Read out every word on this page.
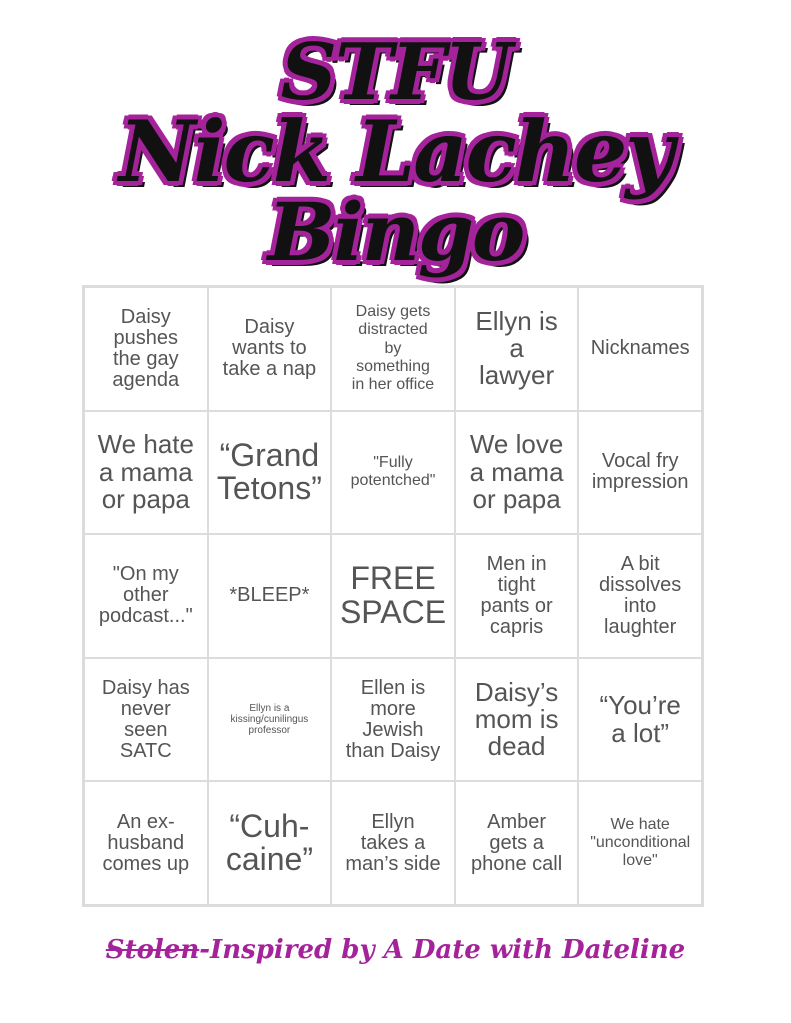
STFU
Nick Lachey
Bingo
Daisy
pushes
the gay
agenda
Daisy
wants to
take a nap
Daisy gets
distracted
by
something
in her office
Ellyn is
a
lawyer
Nicknames
We hate
a mama
or papa
“Grand
Tetons”
"Fully
potentched"
We love
a mama
or papa
Vocal fry
impression
"On my
other
podcast..."
*BLEEP*	FREE
SPACE
Men in
tight
pants or
capris
A bit
dissolves
into
laughter
Daisy has
never
seen
SATC
Ellyn is a
kissing/cunilingus
professor
Ellen is
more
Jewish
than Daisy
Daisy’s
mom is
dead
“You’re
a lot”
An ex-
husband
comes up
“Cuh-
caine”
Ellyn
takes a
man’s side
Amber
gets a
phone call
We hate
"unconditional
love"
Stolen-Inspired by A Date with Dateline
